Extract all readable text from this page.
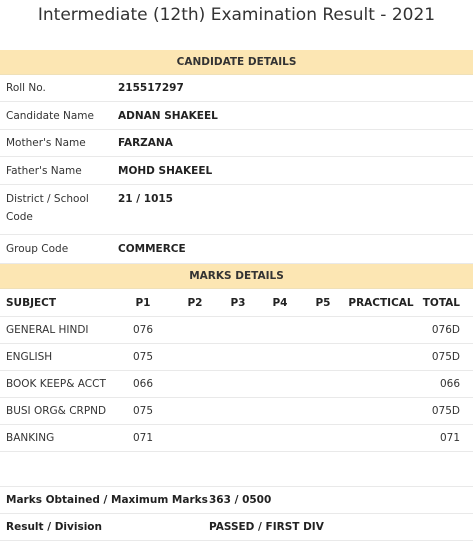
Intermediate (12th) Examination Result - 2021
CANDIDATE DETAILS
Roll No.	215517297
Candidate Name	ADNAN SHAKEEL
Mother's Name	FARZANA
Father's Name	MOHD SHAKEEL
District / School Code	21 / 1015
Group Code	COMMERCE
MARKS DETAILS
SUBJECT	P1	P2	P3	P4	P5	PRACTICAL	TOTAL
GENERAL HINDI	076						076D
ENGLISH	075						075D
BOOK KEEP& ACCT	066						066
BUSI ORG& CRPND	075						075D
BANKING	071						071
Marks Obtained / Maximum Marks	363 / 0500
Result / Division	PASSED / FIRST DIV
